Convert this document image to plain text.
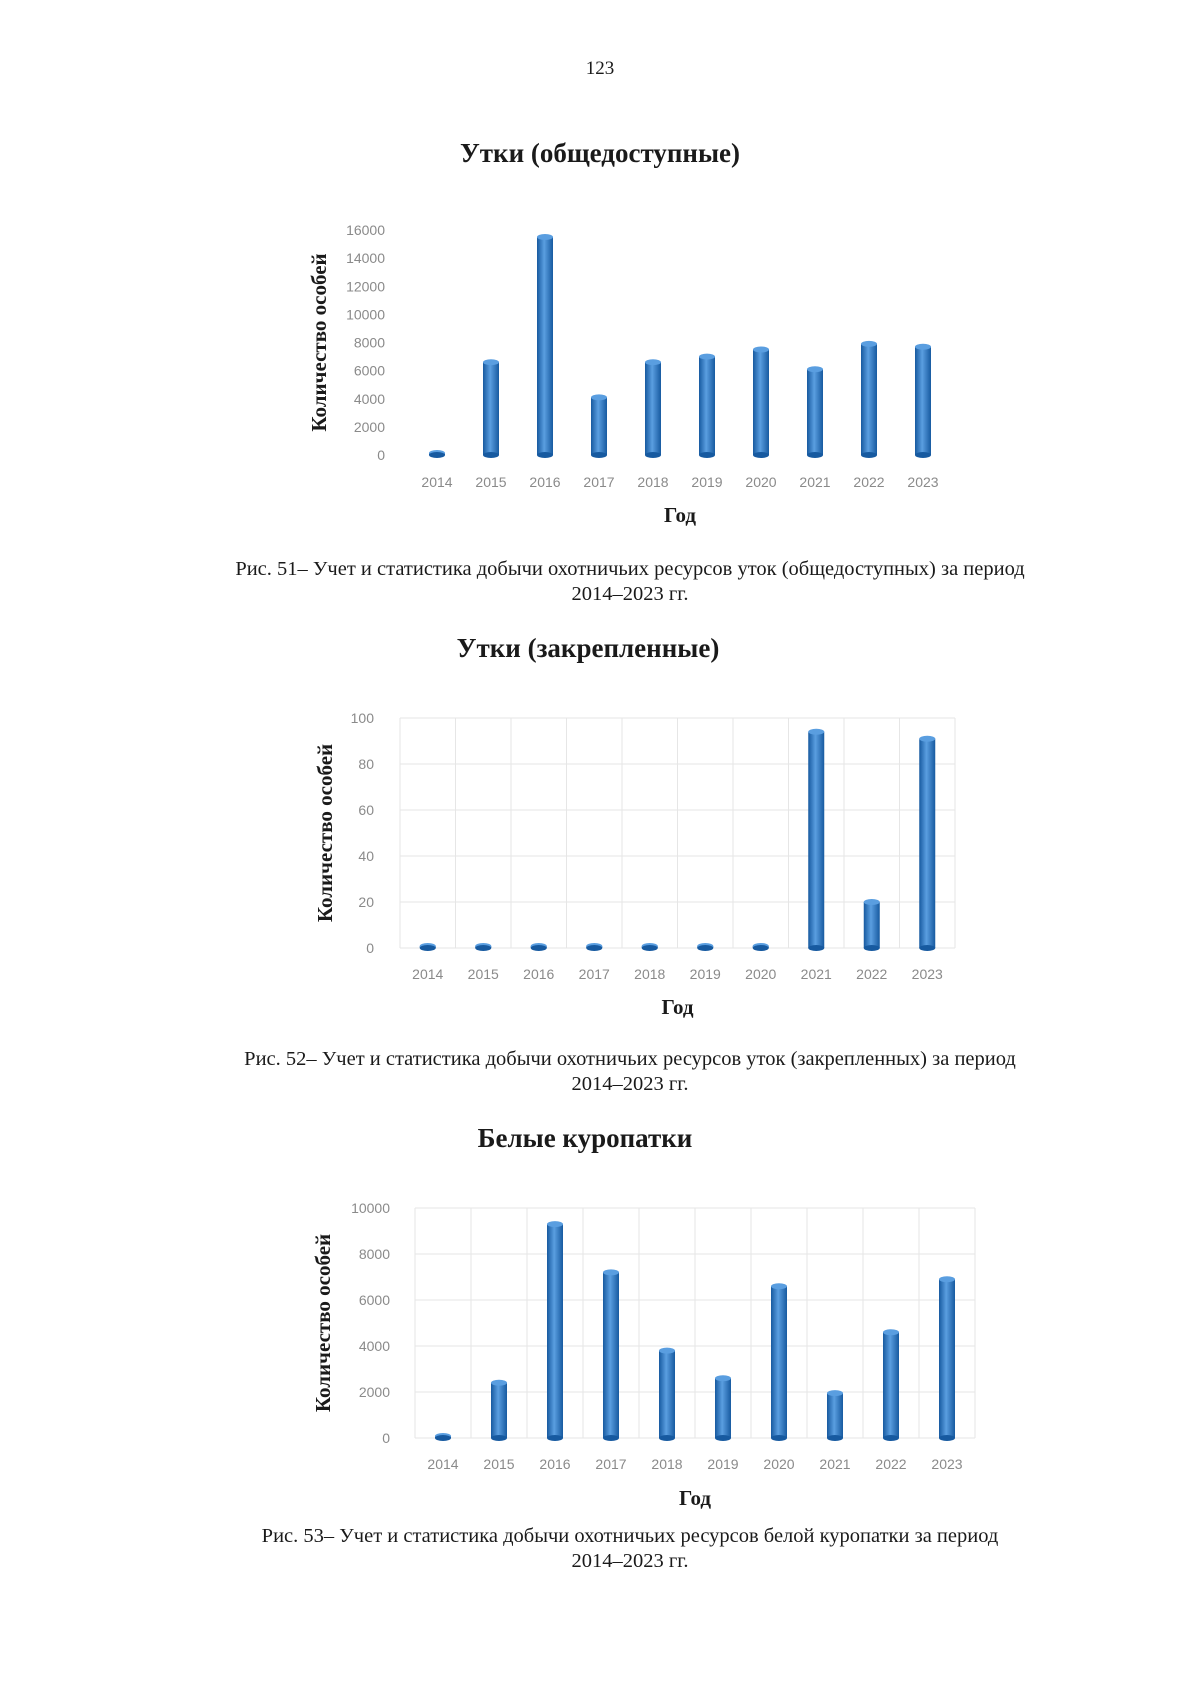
123
Утки (общедоступные)
0
2000
4000
6000
8000
10000
12000
14000
16000
2014 2015 2016 2017 2018 2019 2020 2021 2022 2023
Год
Количество особей
Рис. 51– Учет и статистика добычи охотничьих ресурсов уток (общедоступных) за период
2014–2023 гг.
Утки (закрепленные)
0
20
40
60
80
100
2014 2015 2016 2017 2018 2019 2020 2021 2022 2023
Год
Количество особей
Рис. 52– Учет и статистика добычи охотничьих ресурсов уток (закрепленных) за период
2014–2023 гг.
Белые куропатки
0
2000
4000
6000
8000
10000
2014 2015 2016 2017 2018 2019 2020 2021 2022 2023
Год
Количество особей
Рис. 53– Учет и статистика добычи охотничьих ресурсов белой куропатки за период
2014–2023 гг.
